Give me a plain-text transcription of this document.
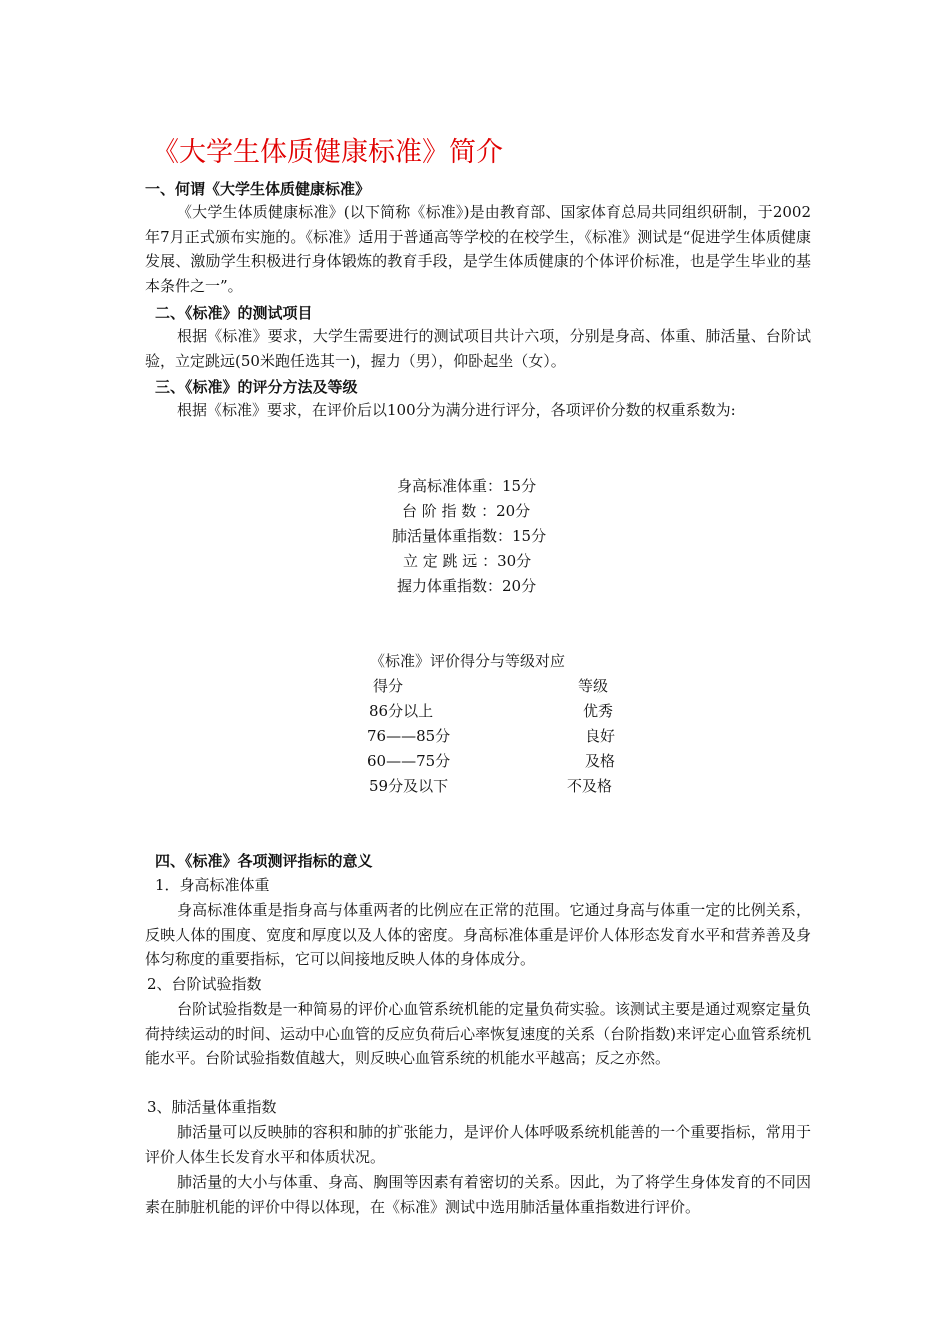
《大学生体质健康标准》简介
一、何谓《大学生体质健康标准》

《大学生体质健康标准》(以下简称《标准》)是由教育部、国家体育总局共同组织研制，于2002年7月正式颁布实施的。《标准》适用于普通高等学校的在校学生，《标准》测试是“促进学生体质健康发展、激励学生积极进行身体锻炼的教育手段，是学生体质健康的个体评价标准，也是学生毕业的基本条件之一”。

二、《标准》的测试项目

根据《标准》要求，大学生需要进行的测试项目共计六项，分别是身高、体重、肺活量、台阶试验，立定跳远(50米跑任选其一)，握力（男），仰卧起坐（女）。

三、《标准》的评分方法及等级

根据《标准》要求，在评价后以100分为满分进行评分，各项评价分数的权重系数为:

身高标准体重：15分
台 阶 指 数 ：20分
肺活量体重指数：15分
立 定 跳 远 ：30分
握力体重指数：20分
《标准》评价得分与等级对应
得分	等级
86分以上	优秀
76——85分	良好
60——75分	及格
59分及以下	不及格
四、《标准》各项测评指标的意义
1．身高标准体重

身高标准体重是指身高与体重两者的比例应在正常的范围。它通过身高与体重一定的比例关系，反映人体的围度、宽度和厚度以及人体的密度。身高标准体重是评价人体形态发育水平和营养善及身体匀称度的重要指标，它可以间接地反映人体的身体成分。

2、台阶试验指数

台阶试验指数是一种简易的评价心血管系统机能的定量负荷实验。该测试主要是通过观察定量负荷持续运动的时间、运动中心血管的反应负荷后心率恢复速度的关系（台阶指数)来评定心血管系统机能水平。台阶试验指数值越大，则反映心血管系统的机能水平越高；反之亦然。

3、肺活量体重指数

肺活量可以反映肺的容积和肺的扩张能力，是评价人体呼吸系统机能善的一个重要指标，常用于评价人体生长发育水平和体质状况。

肺活量的大小与体重、身高、胸围等因素有着密切的关系。因此，为了将学生身体发育的不同因素在肺脏机能的评价中得以体现，在《标准》测试中选用肺活量体重指数进行评价。
